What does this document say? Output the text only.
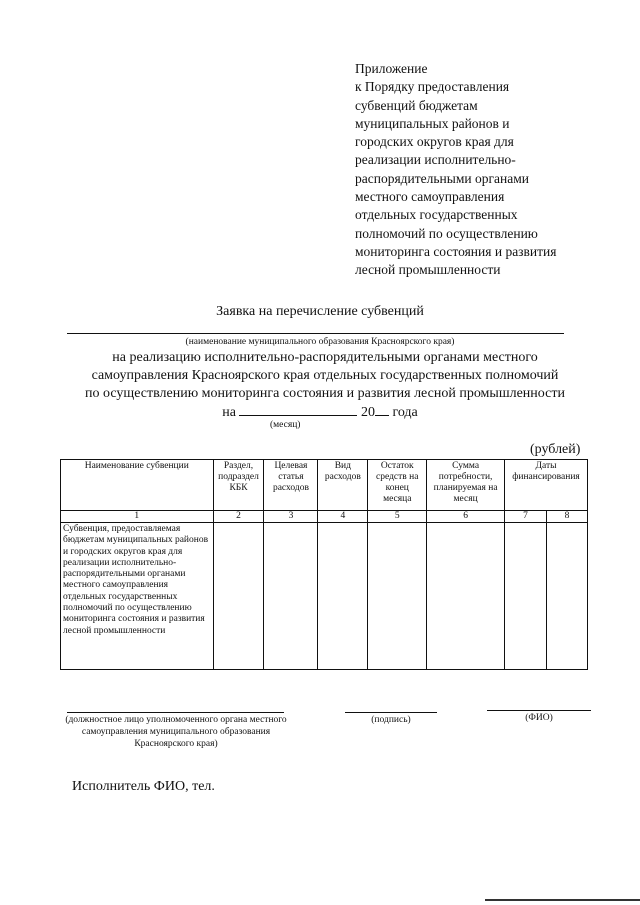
Приложение
к Порядку предоставления
субвенций бюджетам
муниципальных районов и
городских округов края для
реализации исполнительно-
распорядительными органами
местного самоуправления
отдельных государственных
полномочий по осуществлению
мониторинга состояния и развития
лесной промышленности
Заявка на перечисление субвенций
(наименование муниципального образования Красноярского края)
на реализацию исполнительно-распорядительными органами местного
самоуправления Красноярского края отдельных государственных полномочий
по осуществлению мониторинга состояния и развития лесной промышленности
на	20 года
(месяц)
(рублей)
Наименование субвенции	Раздел, подраздел КБК	Целевая статья расходов	Вид расходов	Остаток средств на конец месяца	Сумма потребности, планируемая на месяц	Даты финансирования	
1	2	3	4	5	6	7	8
Субвенция, предоставляемая бюджетам муниципальных районов и городских округов края для реализации исполнительно-распорядительными органами местного самоуправления отдельных государственных полномочий по осуществлению мониторинга состояния и развития лесной промышленности							
(должностное лицо уполномоченного органа местного самоуправления муниципального образования Красноярского края)
(подпись)	(ФИО)
Исполнитель ФИО, тел.
